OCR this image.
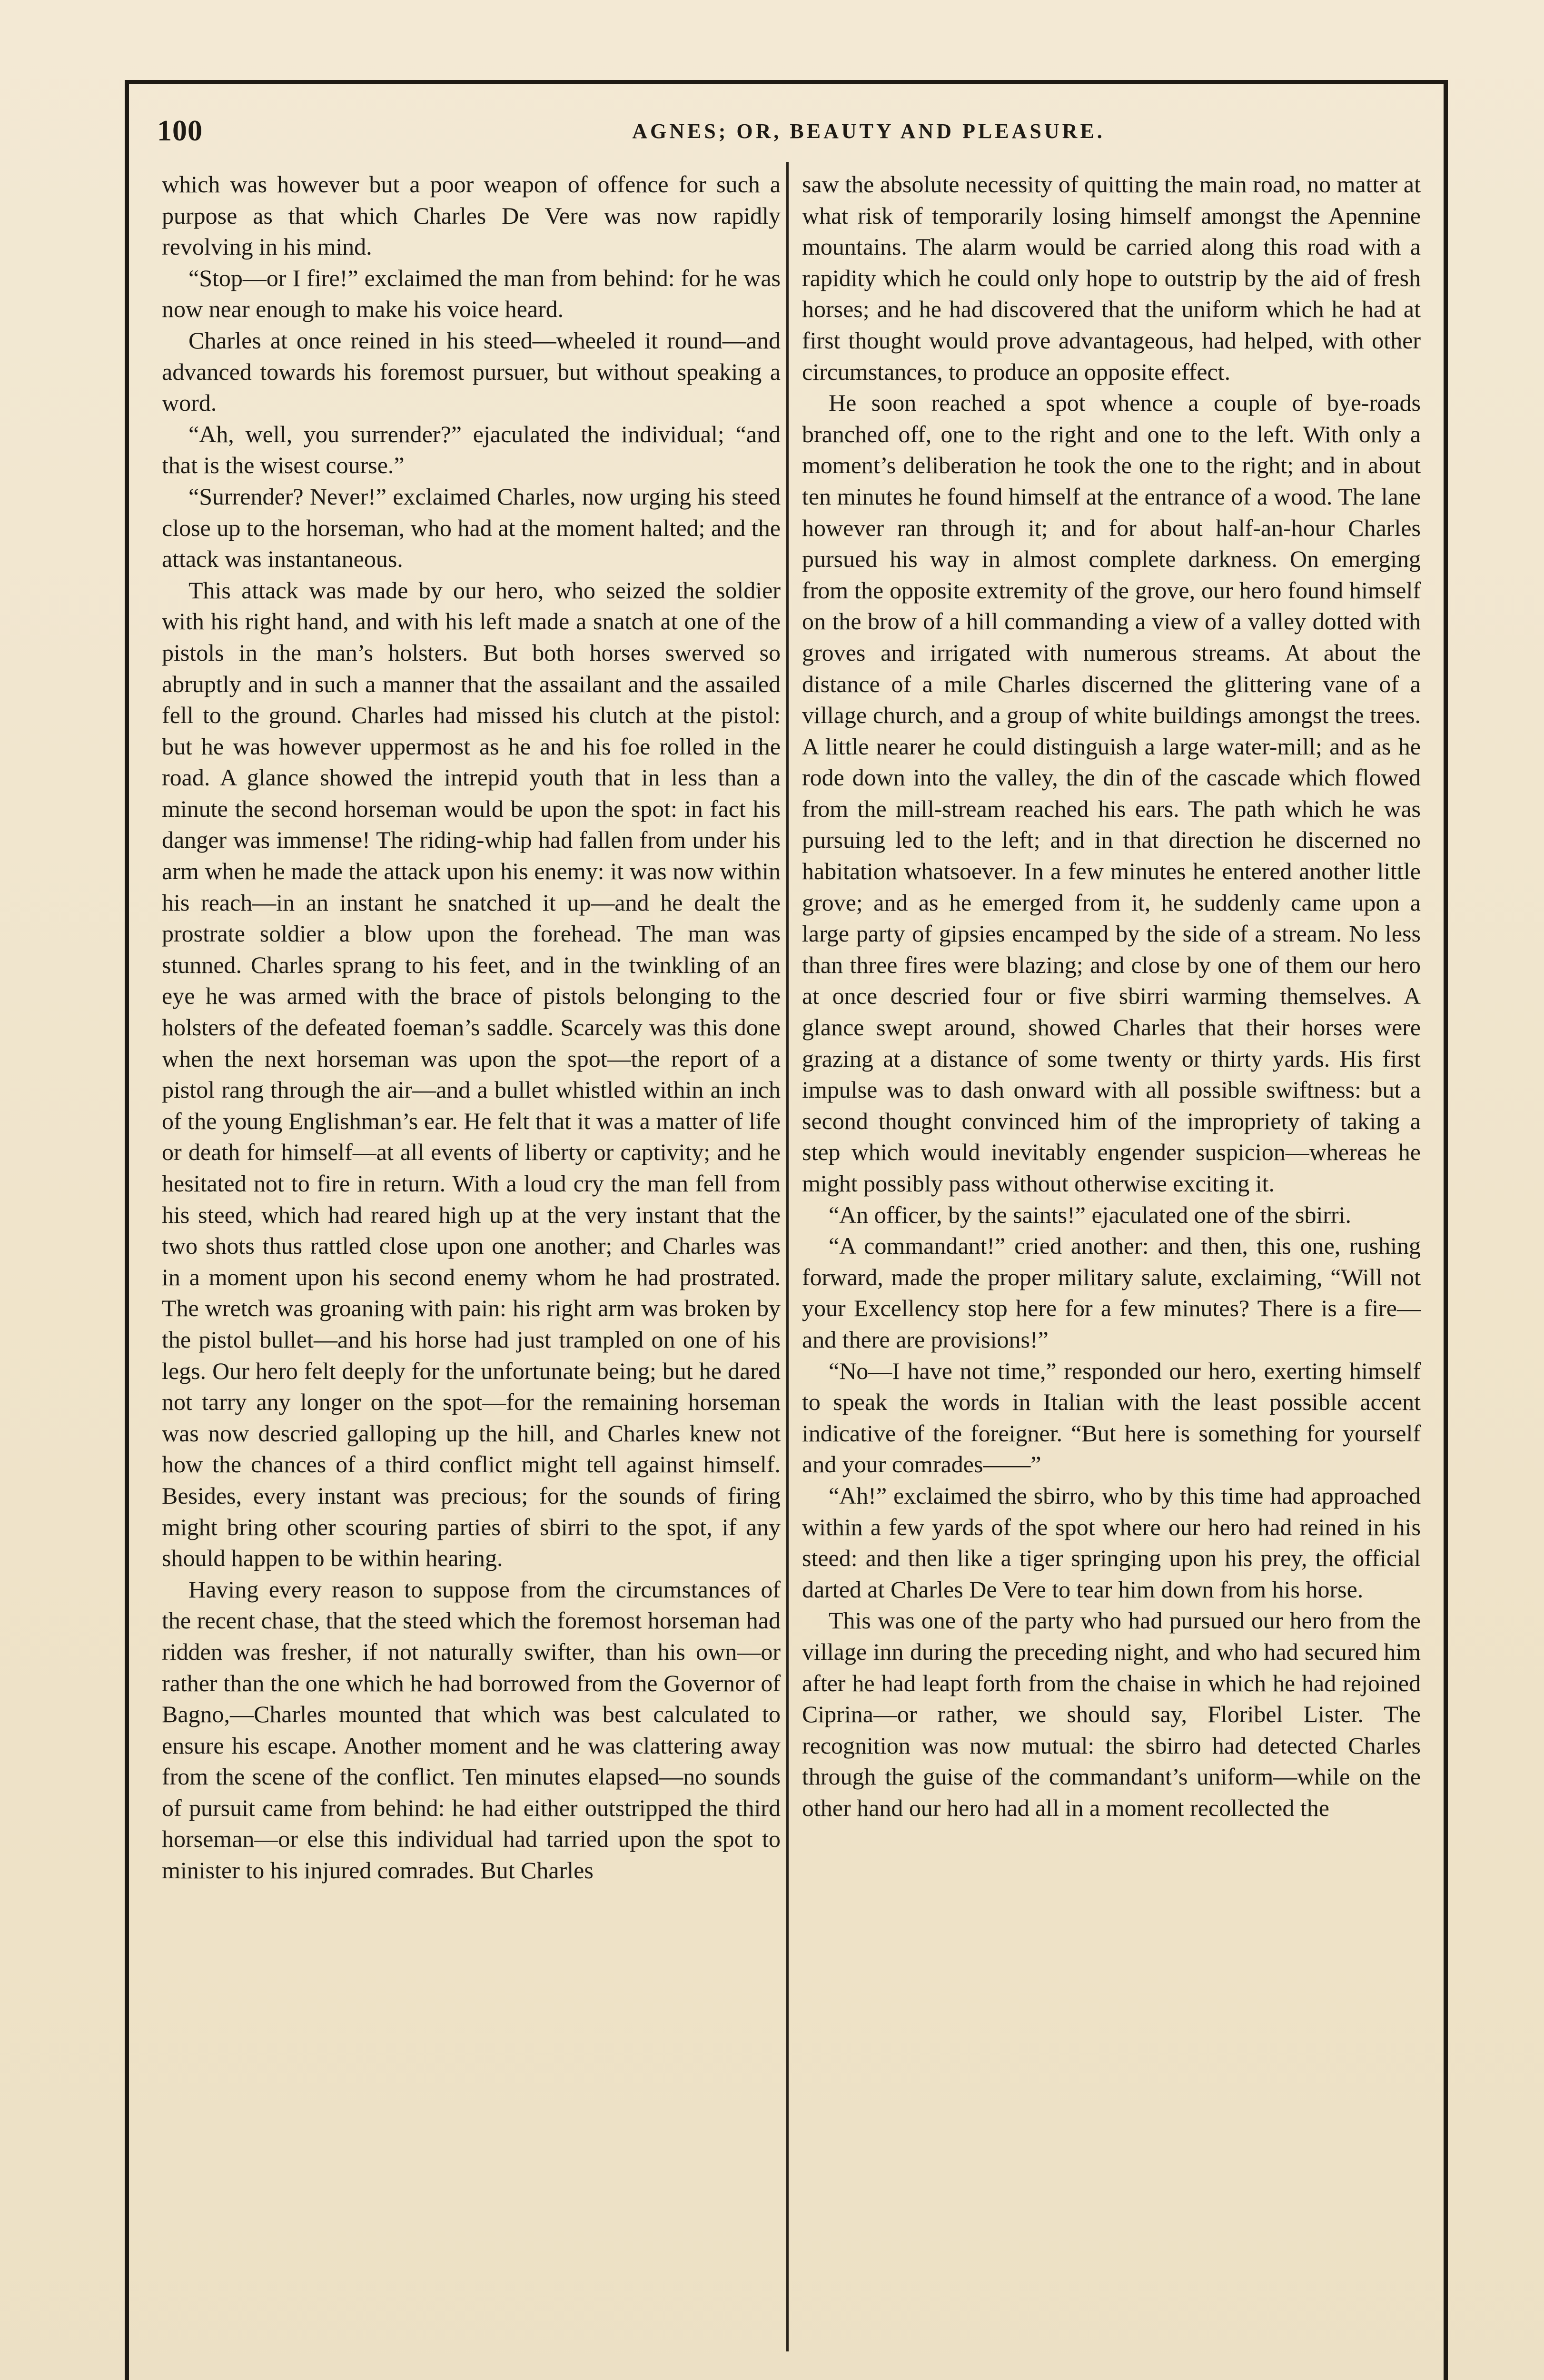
100	AGNES; OR, BEAUTY AND PLEASURE.

which was however but a poor weapon of offence for such a purpose as that which Charles De Vere was now rapidly revolving in his mind.

“Stop—or I fire!” exclaimed the man from behind: for he was now near enough to make his voice heard.

Charles at once reined in his steed—wheeled it round—and advanced towards his foremost pursuer, but without speaking a word.

“Ah, well, you surrender?” ejaculated the individual; “and that is the wisest course.”

“Surrender? Never!” exclaimed Charles, now urging his steed close up to the horseman, who had at the moment halted; and the attack was instantaneous.

This attack was made by our hero, who seized the soldier with his right hand, and with his left made a snatch at one of the pistols in the man’s holsters. But both horses swerved so abruptly and in such a manner that the assailant and the assailed fell to the ground. Charles had missed his clutch at the pistol: but he was however uppermost as he and his foe rolled in the road. A glance showed the intrepid youth that in less than a minute the second horseman would be upon the spot: in fact his danger was immense! The riding-whip had fallen from under his arm when he made the attack upon his enemy: it was now within his reach—in an instant he snatched it up—and he dealt the prostrate soldier a blow upon the forehead. The man was stunned. Charles sprang to his feet, and in the twinkling of an eye he was armed with the brace of pistols belonging to the holsters of the defeated foeman’s saddle. Scarcely was this done when the next horseman was upon the spot—the report of a pistol rang through the air—and a bullet whistled within an inch of the young Englishman’s ear. He felt that it was a matter of life or death for himself—at all events of liberty or captivity; and he hesitated not to fire in return. With a loud cry the man fell from his steed, which had reared high up at the very instant that the two shots thus rattled close upon one another; and Charles was in a moment upon his second enemy whom he had prostrated. The wretch was groaning with pain: his right arm was broken by the pistol bullet—and his horse had just trampled on one of his legs. Our hero felt deeply for the unfortunate being; but he dared not tarry any longer on the spot—for the remaining horseman was now descried galloping up the hill, and Charles knew not how the chances of a third conflict might tell against himself. Besides, every instant was precious; for the sounds of firing might bring other scouring parties of sbirri to the spot, if any should happen to be within hearing.

Having every reason to suppose from the circumstances of the recent chase, that the steed which the foremost horseman had ridden was fresher, if not naturally swifter, than his own—or rather than the one which he had borrowed from the Governor of Bagno,—Charles mounted that which was best calculated to ensure his escape. Another moment and he was clattering away from the scene of the conflict. Ten minutes elapsed—no sounds of pursuit came from behind: he had either outstripped the third horseman—or else this individual had tarried upon the spot to minister to his injured comrades. But Charles

saw the absolute necessity of quitting the main road, no matter at what risk of temporarily losing himself amongst the Apennine mountains. The alarm would be carried along this road with a rapidity which he could only hope to outstrip by the aid of fresh horses; and he had discovered that the uniform which he had at first thought would prove advantageous, had helped, with other circumstances, to produce an opposite effect.

He soon reached a spot whence a couple of bye-roads branched off, one to the right and one to the left. With only a moment’s deliberation he took the one to the right; and in about ten minutes he found himself at the entrance of a wood. The lane however ran through it; and for about half-an-hour Charles pursued his way in almost complete darkness. On emerging from the opposite extremity of the grove, our hero found himself on the brow of a hill commanding a view of a valley dotted with groves and irrigated with numerous streams. At about the distance of a mile Charles discerned the glittering vane of a village church, and a group of white buildings amongst the trees. A little nearer he could distinguish a large water-mill; and as he rode down into the valley, the din of the cascade which flowed from the mill-stream reached his ears. The path which he was pursuing led to the left; and in that direction he discerned no habitation whatsoever. In a few minutes he entered another little grove; and as he emerged from it, he suddenly came upon a large party of gipsies encamped by the side of a stream. No less than three fires were blazing; and close by one of them our hero at once descried four or five sbirri warming themselves. A glance swept around, showed Charles that their horses were grazing at a distance of some twenty or thirty yards. His first impulse was to dash onward with all possible swiftness: but a second thought convinced him of the impropriety of taking a step which would inevitably engender suspicion—whereas he might possibly pass without otherwise exciting it.

“An officer, by the saints!” ejaculated one of the sbirri.

“A commandant!” cried another: and then, this one, rushing forward, made the proper military salute, exclaiming, “Will not your Excellency stop here for a few minutes? There is a fire—and there are provisions!”

“No—I have not time,” responded our hero, exerting himself to speak the words in Italian with the least possible accent indicative of the foreigner. “But here is something for yourself and your comrades——”

“Ah!” exclaimed the sbirro, who by this time had approached within a few yards of the spot where our hero had reined in his steed: and then like a tiger springing upon his prey, the official darted at Charles De Vere to tear him down from his horse.

This was one of the party who had pursued our hero from the village inn during the preceding night, and who had secured him after he had leapt forth from the chaise in which he had rejoined Ciprina—or rather, we should say, Floribel Lister. The recognition was now mutual: the sbirro had detected Charles through the guise of the commandant’s uniform—while on the other hand our hero had all in a moment recollected the
